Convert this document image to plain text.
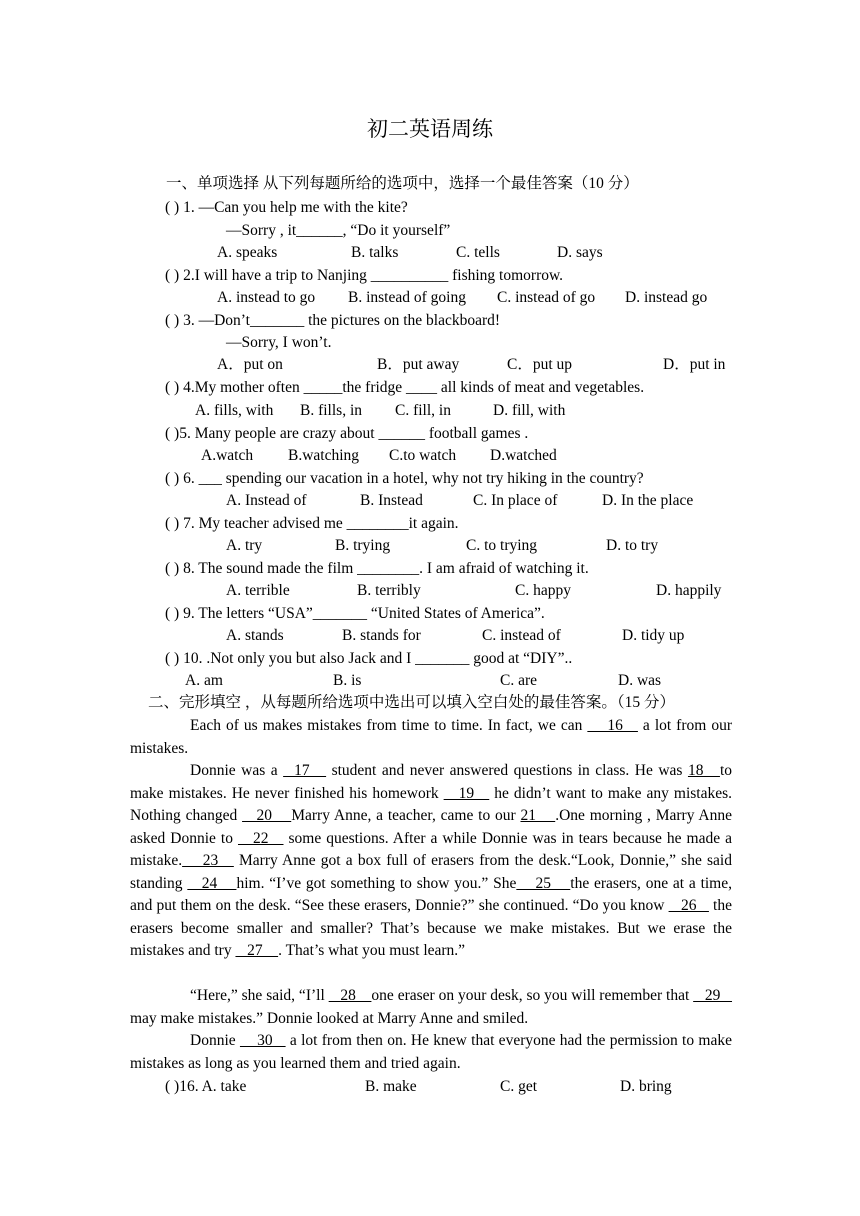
初二英语周练
一、单项选择 从下列每题所给的选项中，选择一个最佳答案（10 分）
( ) 1. —Can you help me with the kite?
—Sorry , it______, “Do it yourself”
A. speaks	B. talks	C. tells	D. says
( ) 2.I will have a trip to Nanjing __________ fishing tomorrow.
A. instead to go B. instead of going C. instead of go D. instead go
( ) 3. —Don’t_______ the pictures on the blackboard!
—Sorry, I won’t.
A．put on	B．put away	C．put up	D．put in
( ) 4.My mother often _____the fridge ____ all kinds of meat and vegetables.
A. fills, with B. fills, in C. fill, in	D. fill, with
( )5. Many people are crazy about ______ football games .
A.watch B.watching C.to watch D.watched
( ) 6. ___ spending our vacation in a hotel, why not try hiking in the country?
A. Instead of	B. Instead	C. In place of	D. In the place
( ) 7. My teacher advised me ________it again.
A. try	B. trying	C. to trying	D. to try
( ) 8. The sound made the film ________. I am afraid of watching it.
A. terrible	B. terribly	C. happy	D. happily
( ) 9. The letters “USA”_______ “United States of America”.
A. stands	B. stands for	C. instead of	D. tidy up
( ) 10. .Not only you but also Jack and I _______ good at “DIY”..
A. am	B. is	C. are	D. was
二、完形填空 ，从每题所给选项中选出可以填入空白处的最佳答案。（15 分）
Each of us makes mistakes from time to time. In fact, we can     16    a lot from our mistakes.
Donnie was a   17    student and never answered questions in class. He was 18   to make mistakes. He never finished his homework    19    he didn’t want to make any mistakes. Nothing changed    20    Marry Anne, a teacher, came to our 21    .One morning , Marry Anne asked Donnie to    22    some questions. After a while Donnie was in tears because he made a mistake.    23    Marry Anne got a box full of erasers from the desk.“Look, Donnie,” she said standing    24    him. “I’ve got something to show you.” She    25    the erasers, one at a time, and put them on the desk. “See these erasers, Donnie?” she continued. “Do you know    26    the erasers become smaller and smaller? That’s because we make mistakes. But we erase the mistakes and try    27    . That’s what you must learn.”
“Here,” she said, “I’ll    28    one eraser on your desk, so you will remember that    29    may make mistakes.” Donnie looked at Marry Anne and smiled.
Donnie     30    a lot from then on. He knew that everyone had the permission to make mistakes as long as you learned them and tried again.
( )16. A. take	B. make	C. get	D. bring
